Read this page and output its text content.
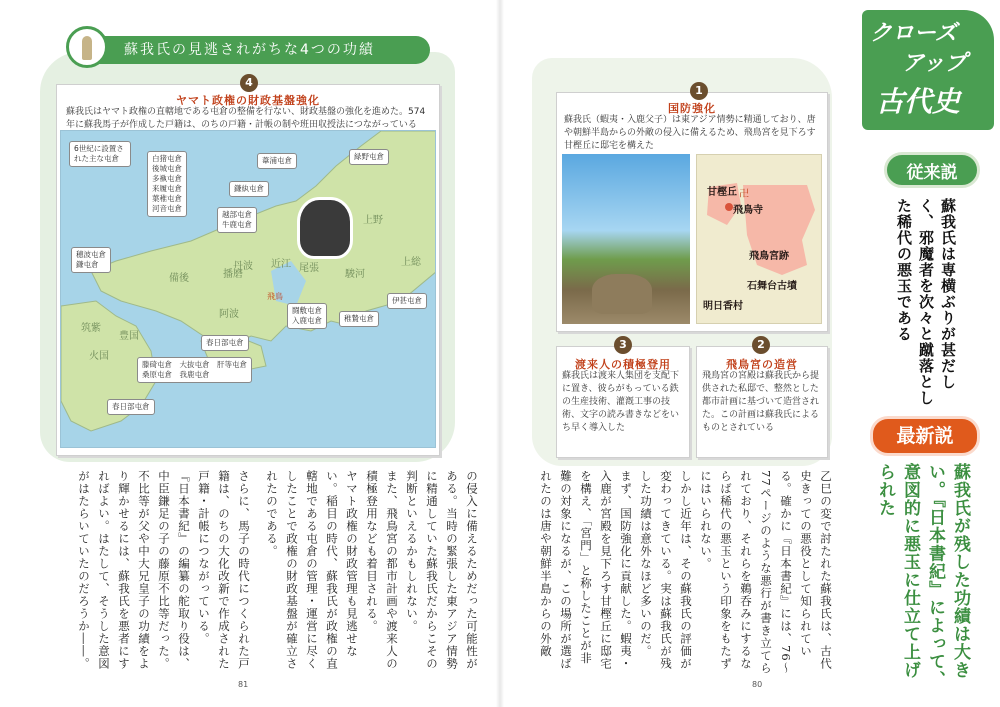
蘇我氏の見逃されがちな4つの功績
4
ヤマト政権の財政基盤強化
蘇我氏はヤマト政権の直轄地である屯倉の整備を行ない、財政基盤の強化を進めた。574年に蘇我馬子が作成した戸籍は、のちの戸籍・計帳の制や班田収授法につながっている
6世紀に設置された主な屯倉	白猪屯倉
後城屯倉
多褹屯倉
来履屯倉
葉稚屯倉
河音屯倉
葦浦屯倉	緑野屯倉
鎌紈屯倉
越部屯倉
牛鹿屯倉
穂波屯倉
鎌屯倉
伊甚屯倉
闘敷屯倉
入鹿屯倉	稚贄屯倉
春日部屯倉
滕碕屯倉　大抜屯倉　肝等屯倉
桑原屯倉　我鹿屯倉
春日部屯倉
備後	播磨
丹波 近江 尾張
駿河
上野
上総
阿波
筑紫
豊国
火国
飛鳥

の侵入に備えるためだった可能性がある。当時の緊張した東アジア情勢に精通していた蘇我氏だからこその判断といえるかもしれない。

また、飛鳥宮の都市計画や渡来人の積極登用なども着目される。

ヤマト政権の財政管理も見逃せない。稲目の時代、蘇我氏が政権の直轄地である屯倉の管理・運営に尽くしたことで政権の財政基盤が確立されたのである。

さらに、馬子の時代につくられた戸籍は、のちの大化改新で作成された戸籍・計帳につながっている。

『日本書紀』の編纂の舵取り役は、中臣鎌足の子の藤原不比等だった。不比等が父や中大兄皇子の功績をより輝かせるには、蘇我氏を悪者にすればよい。はたして、そうした意図がはたらいていたのだろうか――。

81
1
国防強化
蘇我氏（蝦夷・入鹿父子）は東アジア情勢に精通しており、唐や朝鮮半島からの外敵の侵入に備えるため、飛鳥宮を見下ろす甘樫丘に邸宅を構えた
甘樫丘 卍
飛鳥寺
飛鳥宮跡
石舞台古墳
明日香村
3
渡来人の積極登用
蘇我氏は渡来人集団を支配下に置き、彼らがもっている鉄の生産技術、灌漑工事の技術、文字の読み書きなどをいち早く導入した
2
飛鳥宮の造営
飛鳥宮の宮殿は蘇我氏から提供された私邸で、整然とした都市計画に基づいて造営された。この計画は蘇我氏によるものとされている

乙巳の変で討たれた蘇我氏は、古代史きっての悪役として知られている。確かに『日本書紀』には、76〜77ページのような悪行が書き立てられており、それらを鵜呑みにするならば稀代の悪玉という印象をもたずにはいられない。

しかし近年は、その蘇我氏の評価が変わってきている。実は蘇我氏が残した功績は意外なほど多いのだ。

まず、国防強化に貢献した。蝦夷・入鹿が宮殿を見下ろす甘樫丘に邸宅を構え、「宮門」と称したことが非難の対象になるが、この場所が選ばれたのは唐や朝鮮半島からの外敵

80
クローズ
アップ
古代史
従来説
蘇我氏は専横ぶりが甚だしく、邪魔者を次々と蹴落とした稀代の悪玉である
最新説
蘇我氏が残した功績は大きい。『日本書紀』によって、意図的に悪玉に仕立て上げられた
